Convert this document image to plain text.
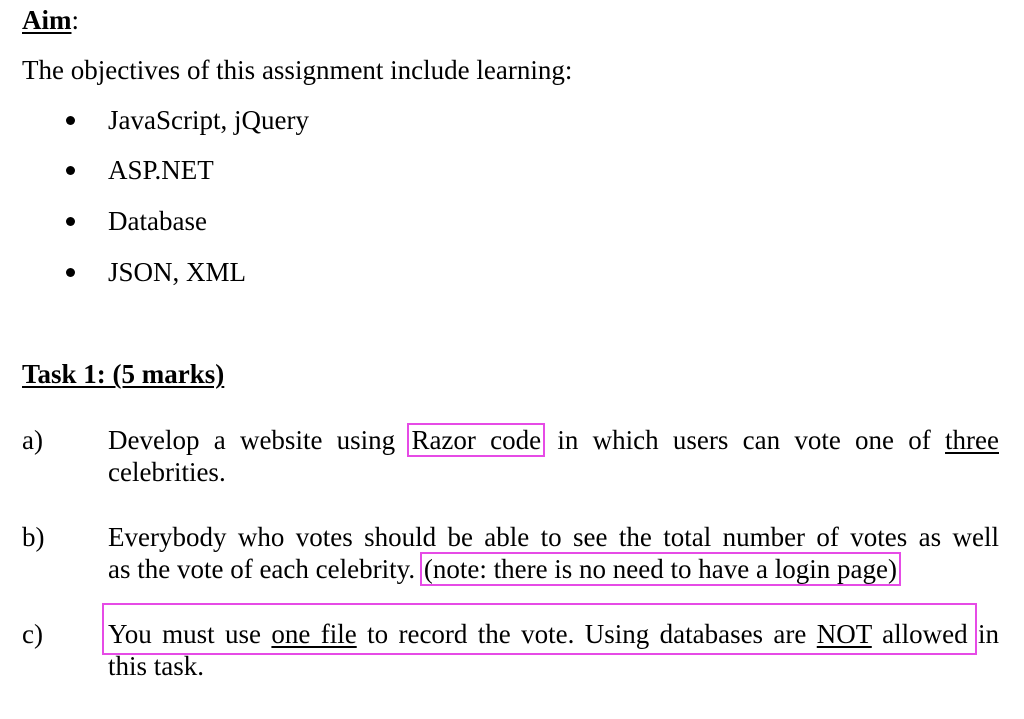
Aim:
The objectives of this assignment include learning:
JavaScript, jQuery
ASP.NET
Database
JSON, XML
Task 1: (5 marks)
a) Develop a website using Razor code in which users can vote one of three
celebrities.
b) Everybody who votes should be able to see the total number of votes as well
as the vote of each celebrity. (note: there is no need to have a login page)
c) You must use one file to record the vote. Using databases are NOT allowed in
this task.
